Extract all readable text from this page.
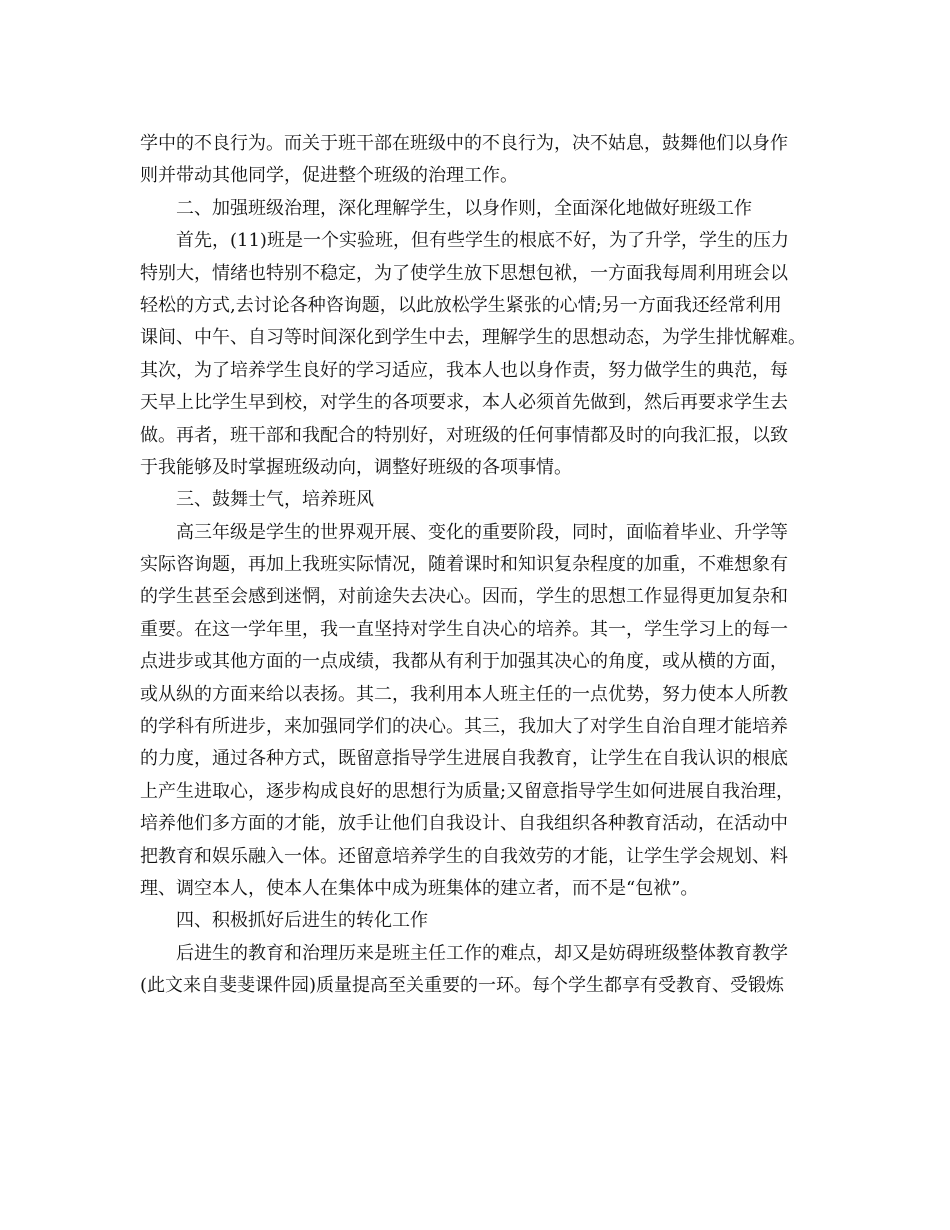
学中的不良行为。而关于班干部在班级中的不良行为，决不姑息，鼓舞他们以身作

则并带动其他同学，促进整个班级的治理工作。

二、加强班级治理，深化理解学生，以身作则，全面深化地做好班级工作

首先，(11)班是一个实验班，但有些学生的根底不好，为了升学，学生的压力

特别大，情绪也特别不稳定，为了使学生放下思想包袱，一方面我每周利用班会以

轻松的方式,去讨论各种咨询题，以此放松学生紧张的心情;另一方面我还经常利用

课间、中午、自习等时间深化到学生中去，理解学生的思想动态，为学生排忧解难。

其次，为了培养学生良好的学习适应，我本人也以身作责，努力做学生的典范，每

天早上比学生早到校，对学生的各项要求，本人必须首先做到，然后再要求学生去

做。再者，班干部和我配合的特别好，对班级的任何事情都及时的向我汇报，以致

于我能够及时掌握班级动向，调整好班级的各项事情。

三、鼓舞士气，培养班风

高三年级是学生的世界观开展、变化的重要阶段，同时，面临着毕业、升学等

实际咨询题，再加上我班实际情况，随着课时和知识复杂程度的加重，不难想象有

的学生甚至会感到迷惘，对前途失去决心。因而，学生的思想工作显得更加复杂和

重要。在这一学年里，我一直坚持对学生自决心的培养。其一，学生学习上的每一

点进步或其他方面的一点成绩，我都从有利于加强其决心的角度，或从横的方面，

或从纵的方面来给以表扬。其二，我利用本人班主任的一点优势，努力使本人所教

的学科有所进步，来加强同学们的决心。其三，我加大了对学生自治自理才能培养

的力度，通过各种方式，既留意指导学生进展自我教育，让学生在自我认识的根底

上产生进取心，逐步构成良好的思想行为质量;又留意指导学生如何进展自我治理，

培养他们多方面的才能，放手让他们自我设计、自我组织各种教育活动，在活动中

把教育和娱乐融入一体。还留意培养学生的自我效劳的才能，让学生学会规划、料

理、调空本人，使本人在集体中成为班集体的建立者，而不是“包袱”。

四、积极抓好后进生的转化工作

后进生的教育和治理历来是班主任工作的难点，却又是妨碍班级整体教育教学

(此文来自斐斐课件园)质量提高至关重要的一环。每个学生都享有受教育、受锻炼
